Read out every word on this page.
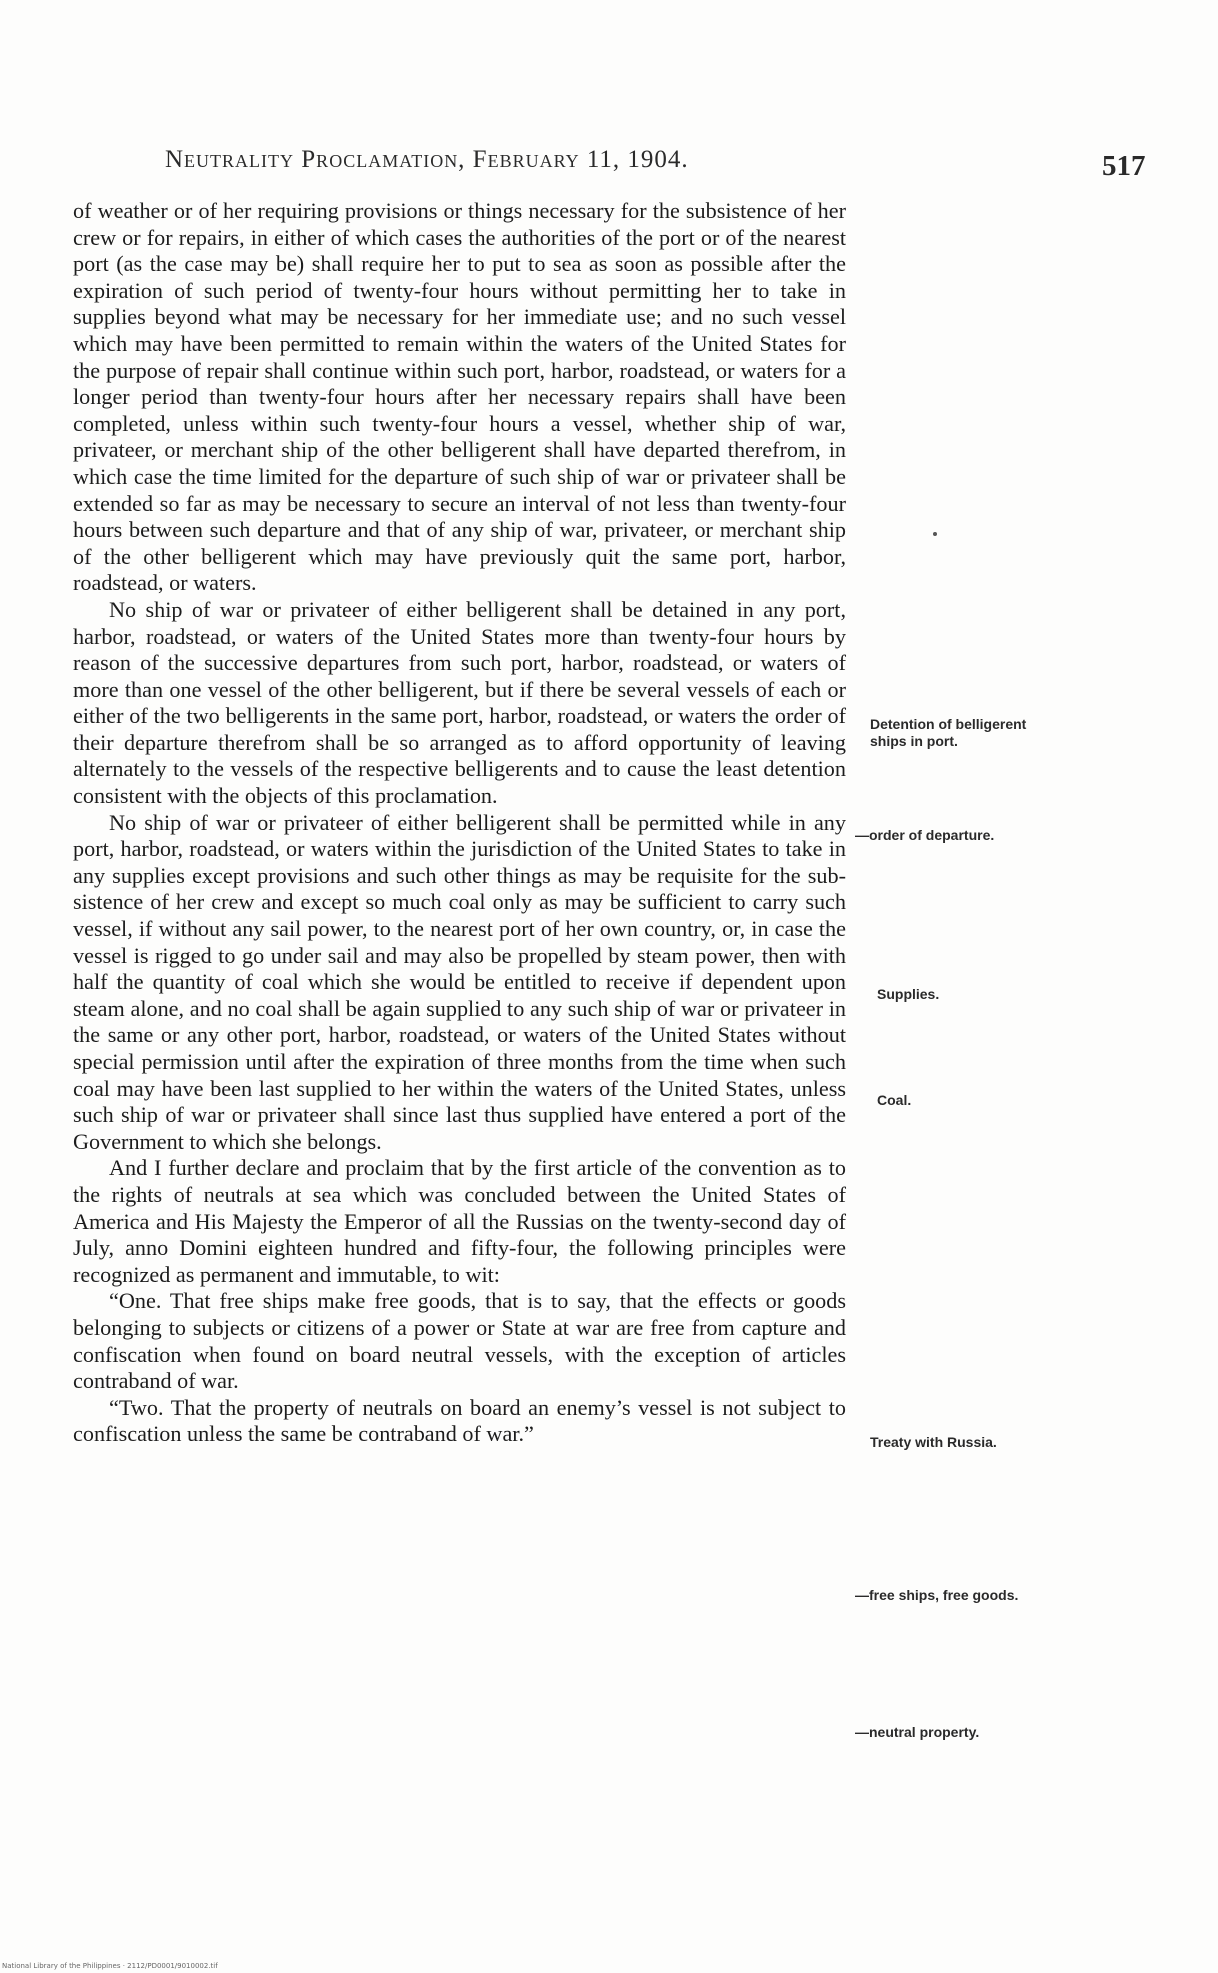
Neutrality Proclamation, February 11, 1904.	517

of weather or of her requiring provisions or things necessary for the subsistence of her crew or for repairs, in either of which cases the authorities of the port or of the nearest port (as the case may be) shall require her to put to sea as soon as possible after the expiration of such period of twenty-four hours without permitting her to take in supplies beyond what may be necessary for her immediate use; and no such vessel which may have been permitted to remain within the waters of the United States for the purpose of repair shall continue within such port, harbor, roadstead, or waters for a longer period than twenty-four hours after her necessary repairs shall have been completed, unless within such twenty-four hours a vessel, whether ship of war, privateer, or merchant ship of the other belligerent shall have departed therefrom, in which case the time limited for the departure of such ship of war or privateer shall be extended so far as may be necessary to secure an interval of not less than twenty-four hours between such departure and that of any ship of war, privateer, or merchant ship of the other belligerent which may have previously quit the same port, harbor, roadstead, or waters.

No ship of war or privateer of either belligerent shall be detained in any port, harbor, roadstead, or waters of the United States more than twenty-four hours by reason of the successive departures from such port, harbor, roadstead, or waters of more than one vessel of the other belligerent, but if there be several vessels of each or either of the two belligerents in the same port, harbor, roadstead, or waters the order of their departure therefrom shall be so arranged as to afford opportunity of leaving alternately to the vessels of the respective belligerents and to cause the least detention consistent with the objects of this proclamation.

No ship of war or privateer of either belligerent shall be permitted while in any port, harbor, roadstead, or waters within the jurisdiction of the United States to take in any supplies except provisions and such other things as may be requisite for the subsistence of her crew and except so much coal only as may be sufficient to carry such vessel, if without any sail power, to the nearest port of her own country, or, in case the vessel is rigged to go under sail and may also be propelled by steam power, then with half the quantity of coal which she would be entitled to receive if dependent upon steam alone, and no coal shall be again supplied to any such ship of war or privateer in the same or any other port, harbor, roadstead, or waters of the United States without special permission until after the expiration of three months from the time when such coal may have been last supplied to her within the waters of the United States, unless such ship of war or privateer shall since last thus supplied have entered a port of the Government to which she belongs.

And I further declare and proclaim that by the first article of the convention as to the rights of neutrals at sea which was concluded between the United States of America and His Majesty the Emperor of all the Russias on the twenty-second day of July, anno Domini eighteen hundred and fifty-four, the following principles were recognized as permanent and immutable, to wit:

“One. That free ships make free goods, that is to say, that the effects or goods belonging to subjects or citizens of a power or State at war are free from capture and confiscation when found on board neutral vessels, with the exception of articles contraband of war.

“Two. That the property of neutrals on board an enemy’s vessel is not subject to confiscation unless the same be contraband of war.”

Detention of belligerent ships in port.
—order of departure.
Supplies.
Coal.
Treaty with Russia.
—free ships, free goods.
—neutral property.
National Library of the Philippines · 2112/PD0001/9010002.tif
